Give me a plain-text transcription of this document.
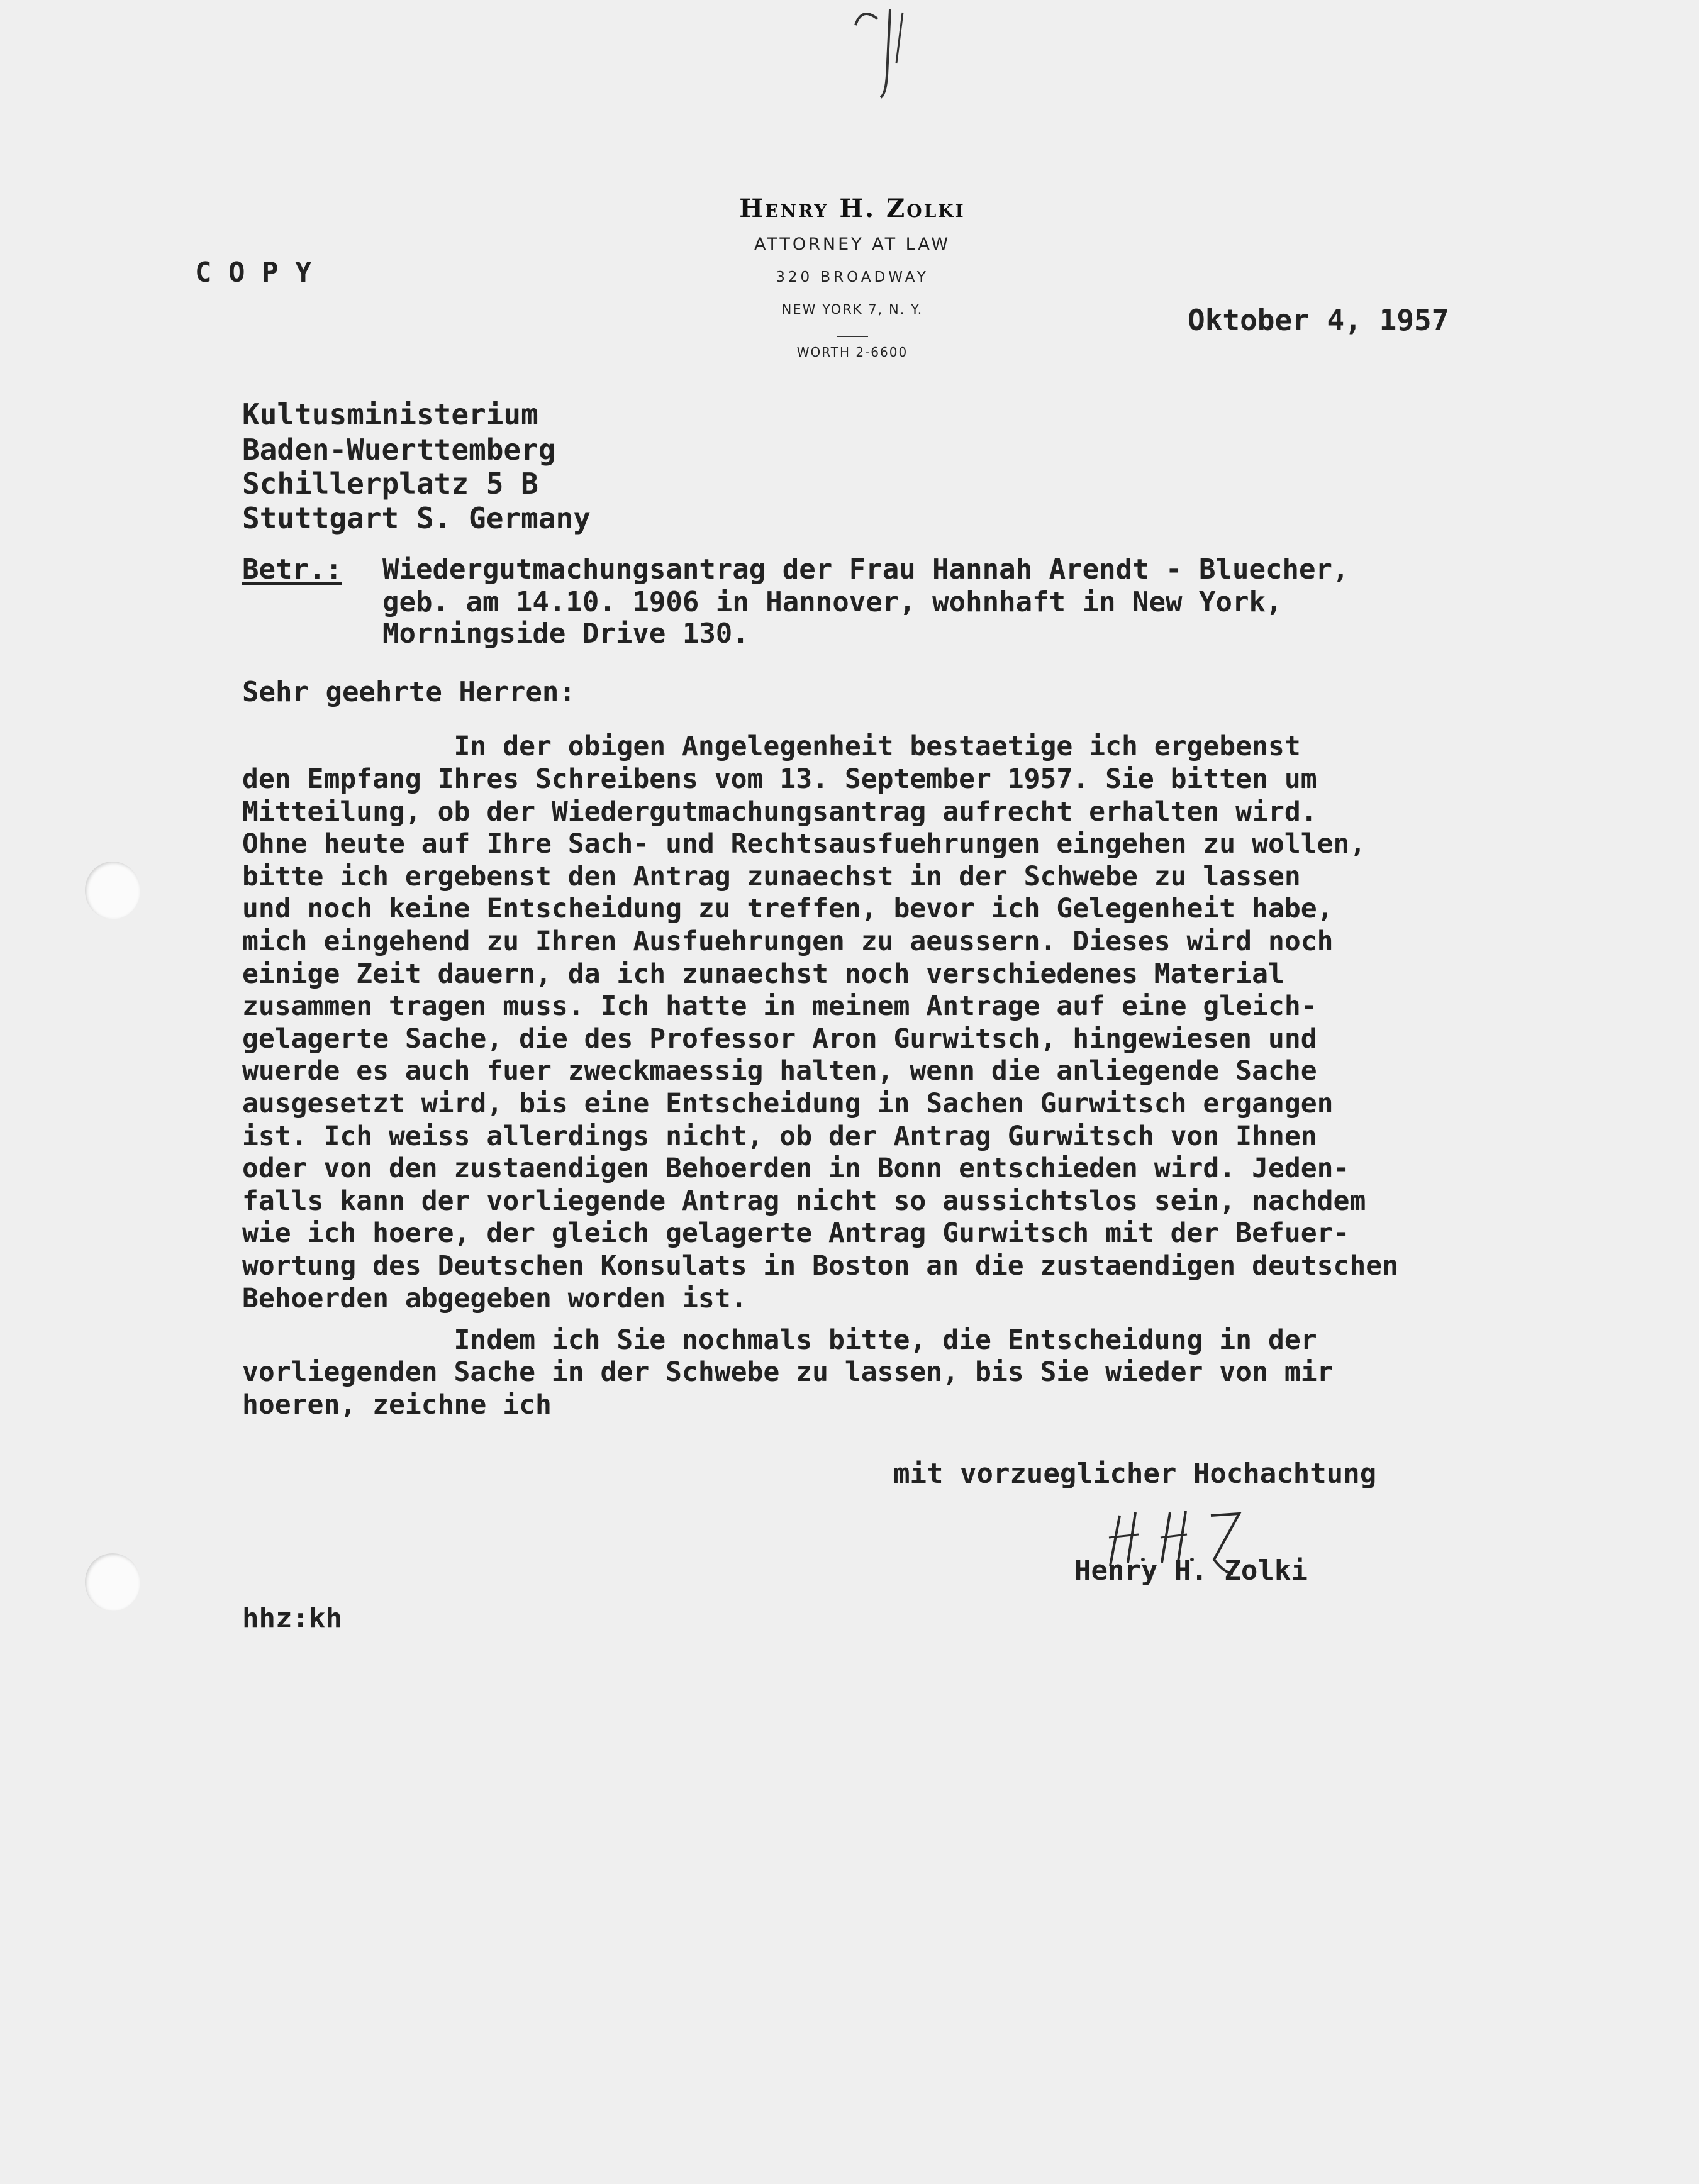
C O P Y
Henry H. Zolki
ATTORNEY AT LAW
320 BROADWAY
NEW YORK 7, N. Y.
WORTH 2-6600
Oktober 4, 1957
Kultusministerium
Baden-Wuerttemberg
Schillerplatz 5 B
Stuttgart S. Germany
Betr.: Wiedergutmachungsantrag der Frau Hannah Arendt - Bluecher,
geb. am 14.10. 1906 in Hannover, wohnhaft in New York,
Morningside Drive 130.
Sehr geehrte Herren:
In der obigen Angelegenheit bestaetige ich ergebenst
den Empfang Ihres Schreibens vom 13. September 1957. Sie bitten um
Mitteilung, ob der Wiedergutmachungsantrag aufrecht erhalten wird.
Ohne heute auf Ihre Sach- und Rechtsausfuehrungen eingehen zu wollen,
bitte ich ergebenst den Antrag zunaechst in der Schwebe zu lassen
und noch keine Entscheidung zu treffen, bevor ich Gelegenheit habe,
mich eingehend zu Ihren Ausfuehrungen zu aeussern. Dieses wird noch
einige Zeit dauern, da ich zunaechst noch verschiedenes Material
zusammen tragen muss. Ich hatte in meinem Antrage auf eine gleich-
gelagerte Sache, die des Professor Aron Gurwitsch, hingewiesen und
wuerde es auch fuer zweckmaessig halten, wenn die anliegende Sache
ausgesetzt wird, bis eine Entscheidung in Sachen Gurwitsch ergangen
ist. Ich weiss allerdings nicht, ob der Antrag Gurwitsch von Ihnen
oder von den zustaendigen Behoerden in Bonn entschieden wird. Jeden-
falls kann der vorliegende Antrag nicht so aussichtslos sein, nachdem
wie ich hoere, der gleich gelagerte Antrag Gurwitsch mit der Befuer-
wortung des Deutschen Konsulats in Boston an die zustaendigen deutschen
Behoerden abgegeben worden ist.
Indem ich Sie nochmals bitte, die Entscheidung in der
vorliegenden Sache in der Schwebe zu lassen, bis Sie wieder von mir
hoeren, zeichne ich
mit vorzueglicher Hochachtung
Henry H. Zolki
hhz:kh
